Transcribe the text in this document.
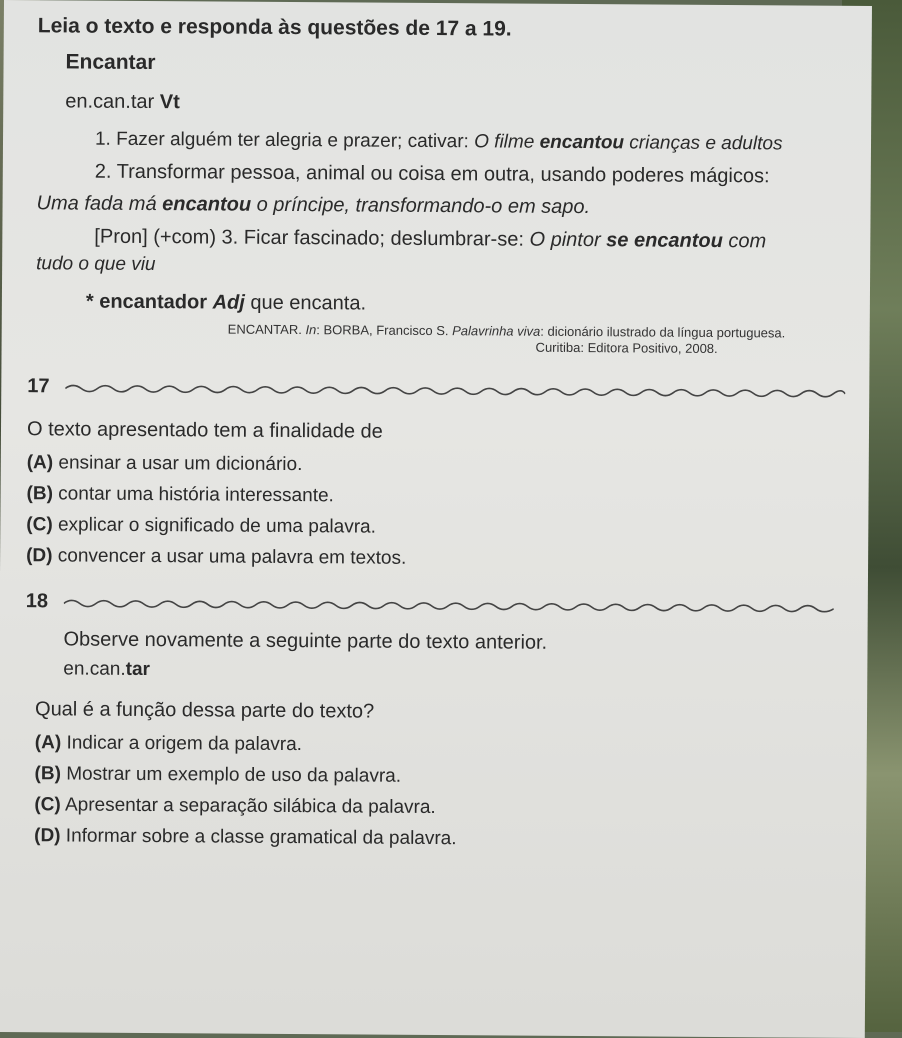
Leia o texto e responda às questões de 17 a 19.
Encantar
en.can.tar Vt
1. Fazer alguém ter alegria e prazer; cativar: O filme encantou crianças e adultos
2. Transformar pessoa, animal ou coisa em outra, usando poderes mágicos:
Uma fada má encantou o príncipe, transformando-o em sapo.
[Pron] (+com) 3. Ficar fascinado; deslumbrar-se: O pintor se encantou com
tudo o que viu
* encantador Adj que encanta.
ENCANTAR. In: BORBA, Francisco S. Palavrinha viva: dicionário ilustrado da língua portuguesa.
Curitiba: Editora Positivo, 2008.
17
O texto apresentado tem a finalidade de
(A) ensinar a usar um dicionário.
(B) contar uma história interessante.
(C) explicar o significado de uma palavra.
(D) convencer a usar uma palavra em textos.
18
Observe novamente a seguinte parte do texto anterior.
en.can.tar
Qual é a função dessa parte do texto?
(A) Indicar a origem da palavra.
(B) Mostrar um exemplo de uso da palavra.
(C) Apresentar a separação silábica da palavra.
(D) Informar sobre a classe gramatical da palavra.
